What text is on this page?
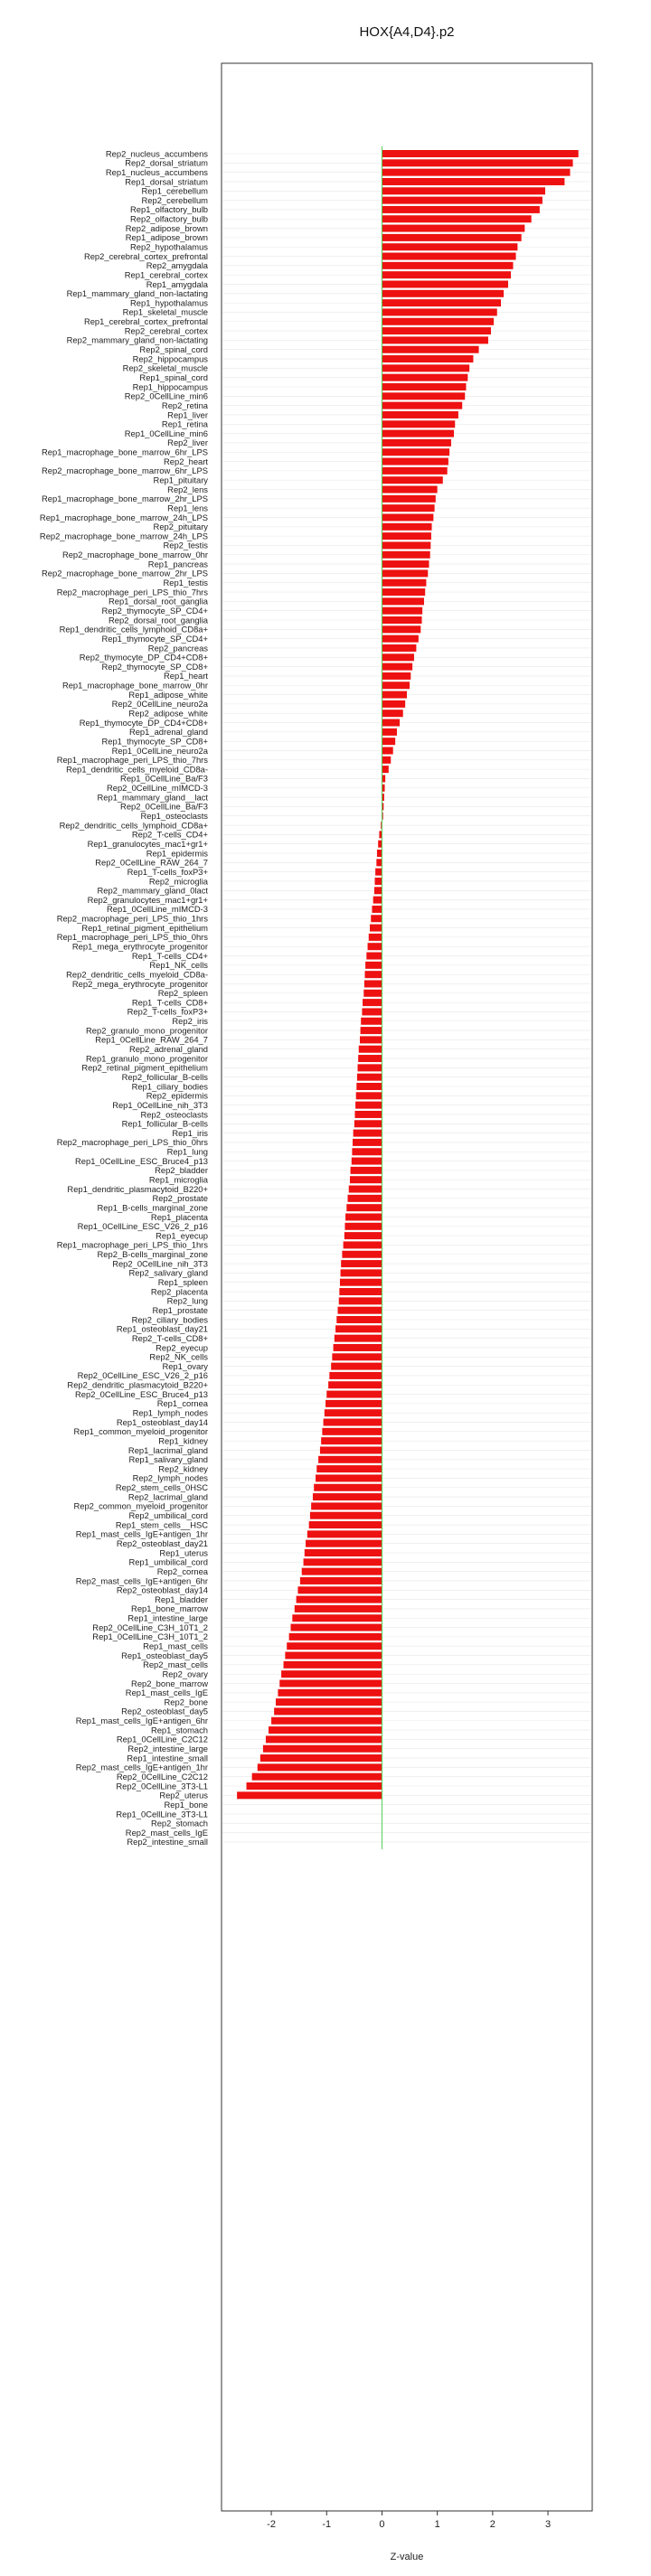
HOX{A4,D4}.p2
Rep2_nucleus_accumbens
Rep2_dorsal_striatum
Rep1_nucleus_accumbens
Rep1_dorsal_striatum
Rep1_cerebellum
Rep2_cerebellum
Rep1_olfactory_bulb
Rep2_olfactory_bulb
Rep2_adipose_brown
Rep1_adipose_brown
Rep2_hypothalamus
Rep2_cerebral_cortex_prefrontal
Rep2_amygdala
Rep1_cerebral_cortex
Rep1_amygdala
Rep1_mammary_gland_non-lactating
Rep1_hypothalamus
Rep1_skeletal_muscle
Rep1_cerebral_cortex_prefrontal
Rep2_cerebral_cortex
Rep2_mammary_gland_non-lactating
Rep2_spinal_cord
Rep2_hippocampus
Rep2_skeletal_muscle
Rep1_spinal_cord
Rep1_hippocampus
Rep2_0CellLine_min6
Rep2_retina
Rep1_liver
Rep1_retina
Rep1_0CellLine_min6
Rep2_liver
Rep1_macrophage_bone_marrow_6hr_LPS
Rep2_heart
Rep2_macrophage_bone_marrow_6hr_LPS
Rep1_pituitary
Rep2_lens
Rep1_macrophage_bone_marrow_2hr_LPS
Rep1_lens
Rep1_macrophage_bone_marrow_24h_LPS
Rep2_pituitary
Rep2_macrophage_bone_marrow_24h_LPS
Rep2_testis
Rep2_macrophage_bone_marrow_0hr
Rep1_pancreas
Rep2_macrophage_bone_marrow_2hr_LPS
Rep1_testis
Rep2_macrophage_peri_LPS_thio_7hrs
Rep1_dorsal_root_ganglia
Rep2_thymocyte_SP_CD4+
Rep2_dorsal_root_ganglia
Rep1_dendritic_cells_lymphoid_CD8a+
Rep1_thymocyte_SP_CD4+
Rep2_pancreas
Rep2_thymocyte_DP_CD4+CD8+
Rep2_thymocyte_SP_CD8+
Rep1_heart
Rep1_macrophage_bone_marrow_0hr
Rep1_adipose_white
Rep2_0CellLine_neuro2a
Rep2_adipose_white
Rep1_thymocyte_DP_CD4+CD8+
Rep1_adrenal_gland
Rep1_thymocyte_SP_CD8+
Rep1_0CellLine_neuro2a
Rep1_macrophage_peri_LPS_thio_7hrs
Rep1_dendritic_cells_myeloid_CD8a-
Rep1_0CellLine_Ba/F3
Rep2_0CellLine_mIMCD-3
Rep1_mammary_gland__lact
Rep2_0CellLine_Ba/F3
Rep1_osteoclasts
Rep2_dendritic_cells_lymphoid_CD8a+
Rep2_T-cells_CD4+
Rep1_granulocytes_mac1+gr1+
Rep1_epidermis
Rep2_0CellLine_RAW_264_7
Rep1_T-cells_foxP3+
Rep2_microglia
Rep2_mammary_gland_0lact
Rep2_granulocytes_mac1+gr1+
Rep1_0CellLine_mIMCD-3
Rep2_macrophage_peri_LPS_thio_1hrs
Rep1_retinal_pigment_epithelium
Rep1_macrophage_peri_LPS_thio_0hrs
Rep1_mega_erythrocyte_progenitor
Rep1_T-cells_CD4+
Rep1_NK_cells
Rep2_dendritic_cells_myeloid_CD8a-
Rep2_mega_erythrocyte_progenitor
Rep2_spleen
Rep1_T-cells_CD8+
Rep2_T-cells_foxP3+
Rep2_iris
Rep2_granulo_mono_progenitor
Rep1_0CellLine_RAW_264_7
Rep2_adrenal_gland
Rep1_granulo_mono_progenitor
Rep2_retinal_pigment_epithelium
Rep2_follicular_B-cells
Rep1_ciliary_bodies
Rep2_epidermis
Rep1_0CellLine_nih_3T3
Rep2_osteoclasts
Rep1_follicular_B-cells
Rep1_iris
Rep2_macrophage_peri_LPS_thio_0hrs
Rep1_lung
Rep1_0CellLine_ESC_Bruce4_p13
Rep2_bladder
Rep1_microglia
Rep1_dendritic_plasmacytoid_B220+
Rep2_prostate
Rep1_B-cells_marginal_zone
Rep1_placenta
Rep1_0CellLine_ESC_V26_2_p16
Rep1_eyecup
Rep1_macrophage_peri_LPS_thio_1hrs
Rep2_B-cells_marginal_zone
Rep2_0CellLine_nih_3T3
Rep2_salivary_gland
Rep1_spleen
Rep2_placenta
Rep2_lung
Rep1_prostate
Rep2_ciliary_bodies
Rep1_osteoblast_day21
Rep2_T-cells_CD8+
Rep2_eyecup
Rep2_NK_cells
Rep1_ovary
Rep2_0CellLine_ESC_V26_2_p16
Rep2_dendritic_plasmacytoid_B220+
Rep2_0CellLine_ESC_Bruce4_p13
Rep1_cornea
Rep1_lymph_nodes
Rep1_osteoblast_day14
Rep1_common_myeloid_progenitor
Rep1_kidney
Rep1_lacrimal_gland
Rep1_salivary_gland
Rep2_kidney
Rep2_lymph_nodes
Rep2_stem_cells_0HSC
Rep2_lacrimal_gland
Rep2_common_myeloid_progenitor
Rep2_umbilical_cord
Rep1_stem_cells__HSC
Rep1_mast_cells_IgE+antigen_1hr
Rep2_osteoblast_day21
Rep1_uterus
Rep1_umbilical_cord
Rep2_cornea
Rep2_mast_cells_IgE+antigen_6hr
Rep2_osteoblast_day14
Rep1_bladder
Rep1_bone_marrow
Rep1_intestine_large
Rep2_0CellLine_C3H_10T1_2
Rep1_0CellLine_C3H_10T1_2
Rep1_mast_cells
Rep1_osteoblast_day5
Rep2_mast_cells
Rep2_ovary
Rep2_bone_marrow
Rep1_mast_cells_IgE
Rep2_bone
Rep2_osteoblast_day5
Rep1_mast_cells_IgE+antigen_6hr
Rep1_stomach
Rep1_0CellLine_C2C12
Rep2_intestine_large
Rep1_intestine_small
Rep2_mast_cells_IgE+antigen_1hr
Rep2_0CellLine_C2C12
Rep2_0CellLine_3T3-L1
Rep2_uterus
Rep1_bone
Rep1_0CellLine_3T3-L1
Rep2_stomach
Rep2_mast_cells_IgE
Rep2_intestine_small
-2	-1	0	1	2	3
Z-value
